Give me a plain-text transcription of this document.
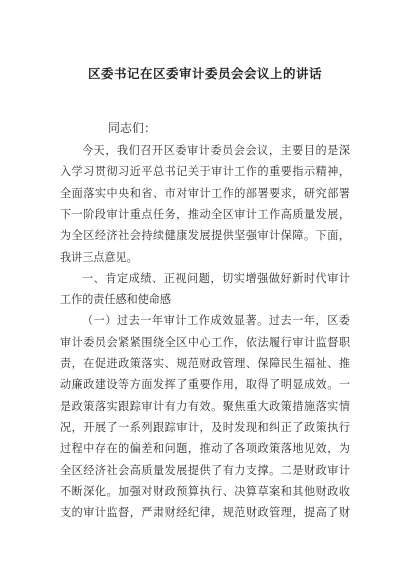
区委书记在区委审计委员会会议上的讲话
同志们：
今天，我们召开区委审计委员会会议，主要目的是深
入学习贯彻习近平总书记关于审计工作的重要指示精神，
全面落实中央和省、市对审计工作的部署要求，研究部署
下一阶段审计重点任务，推动全区审计工作高质量发展，
为全区经济社会持续健康发展提供坚强审计保障。下面，
我讲三点意见。
一、肯定成绩、正视问题，切实增强做好新时代审计
工作的责任感和使命感
（一）过去一年审计工作成效显著。过去一年，区委
审计委员会紧紧围绕全区中心工作，依法履行审计监督职
责，在促进政策落实、规范财政管理、保障民生福祉、推
动廉政建设等方面发挥了重要作用，取得了明显成效。一
是政策落实跟踪审计有力有效。聚焦重大政策措施落实情
况，开展了一系列跟踪审计，及时发现和纠正了政策执行
过程中存在的偏差和问题，推动了各项政策落地见效，为
全区经济社会高质量发展提供了有力支撑。二是财政审计
不断深化。加强对财政预算执行、决算草案和其他财政收
支的审计监督，严肃财经纪律，规范财政管理，提高了财
